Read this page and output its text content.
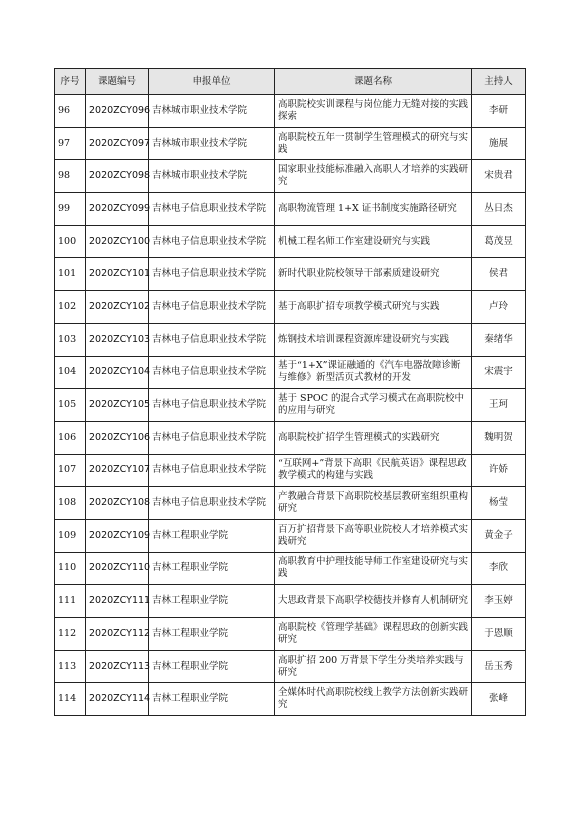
序号	课题编号	申报单位	课题名称	主持人
96	2020ZCY096	吉林城市职业技术学院	高职院校实训课程与岗位能力无缝对接的实践探索	李研
97	2020ZCY097	吉林城市职业技术学院	高职院校五年一贯制学生管理模式的研究与实践	施展
98	2020ZCY098	吉林城市职业技术学院	国家职业技能标准融入高职人才培养的实践研究	宋贵君
99	2020ZCY099	吉林电子信息职业技术学院	高职物流管理 1+X 证书制度实施路径研究	丛日杰
100	2020ZCY100	吉林电子信息职业技术学院	机械工程名师工作室建设研究与实践	葛茂昱
101	2020ZCY101	吉林电子信息职业技术学院	新时代职业院校领导干部素质建设研究	侯君
102	2020ZCY102	吉林电子信息职业技术学院	基于高职扩招专项教学模式研究与实践	卢玲
103	2020ZCY103	吉林电子信息职业技术学院	炼钢技术培训课程资源库建设研究与实践	秦绪华
104	2020ZCY104	吉林电子信息职业技术学院	基于“1+X”课证融通的《汽车电器故障诊断与维修》新型活页式教材的开发	宋震宇
105	2020ZCY105	吉林电子信息职业技术学院	基于 SPOC 的混合式学习模式在高职院校中的应用与研究	王珂
106	2020ZCY106	吉林电子信息职业技术学院	高职院校扩招学生管理模式的实践研究	魏明贺
107	2020ZCY107	吉林电子信息职业技术学院	“互联网+”背景下高职《民航英语》课程思政教学模式的构建与实践	许娇
108	2020ZCY108	吉林电子信息职业技术学院	产教融合背景下高职院校基层教研室组织重构研究	杨莹
109	2020ZCY109	吉林工程职业学院	百万扩招背景下高等职业院校人才培养模式实践研究	黄金子
110	2020ZCY110	吉林工程职业学院	高职教育中护理技能导师工作室建设研究与实践	李欣
111	2020ZCY111	吉林工程职业学院	大思政背景下高职学校德技并修育人机制研究	李玉婷
112	2020ZCY112	吉林工程职业学院	高职院校《管理学基础》课程思政的创新实践研究	于恩顺
113	2020ZCY113	吉林工程职业学院	高职扩招 200 万背景下学生分类培养实践与研究	岳玉秀
114	2020ZCY114	吉林工程职业学院	全媒体时代高职院校线上教学方法创新实践研究	张峰
